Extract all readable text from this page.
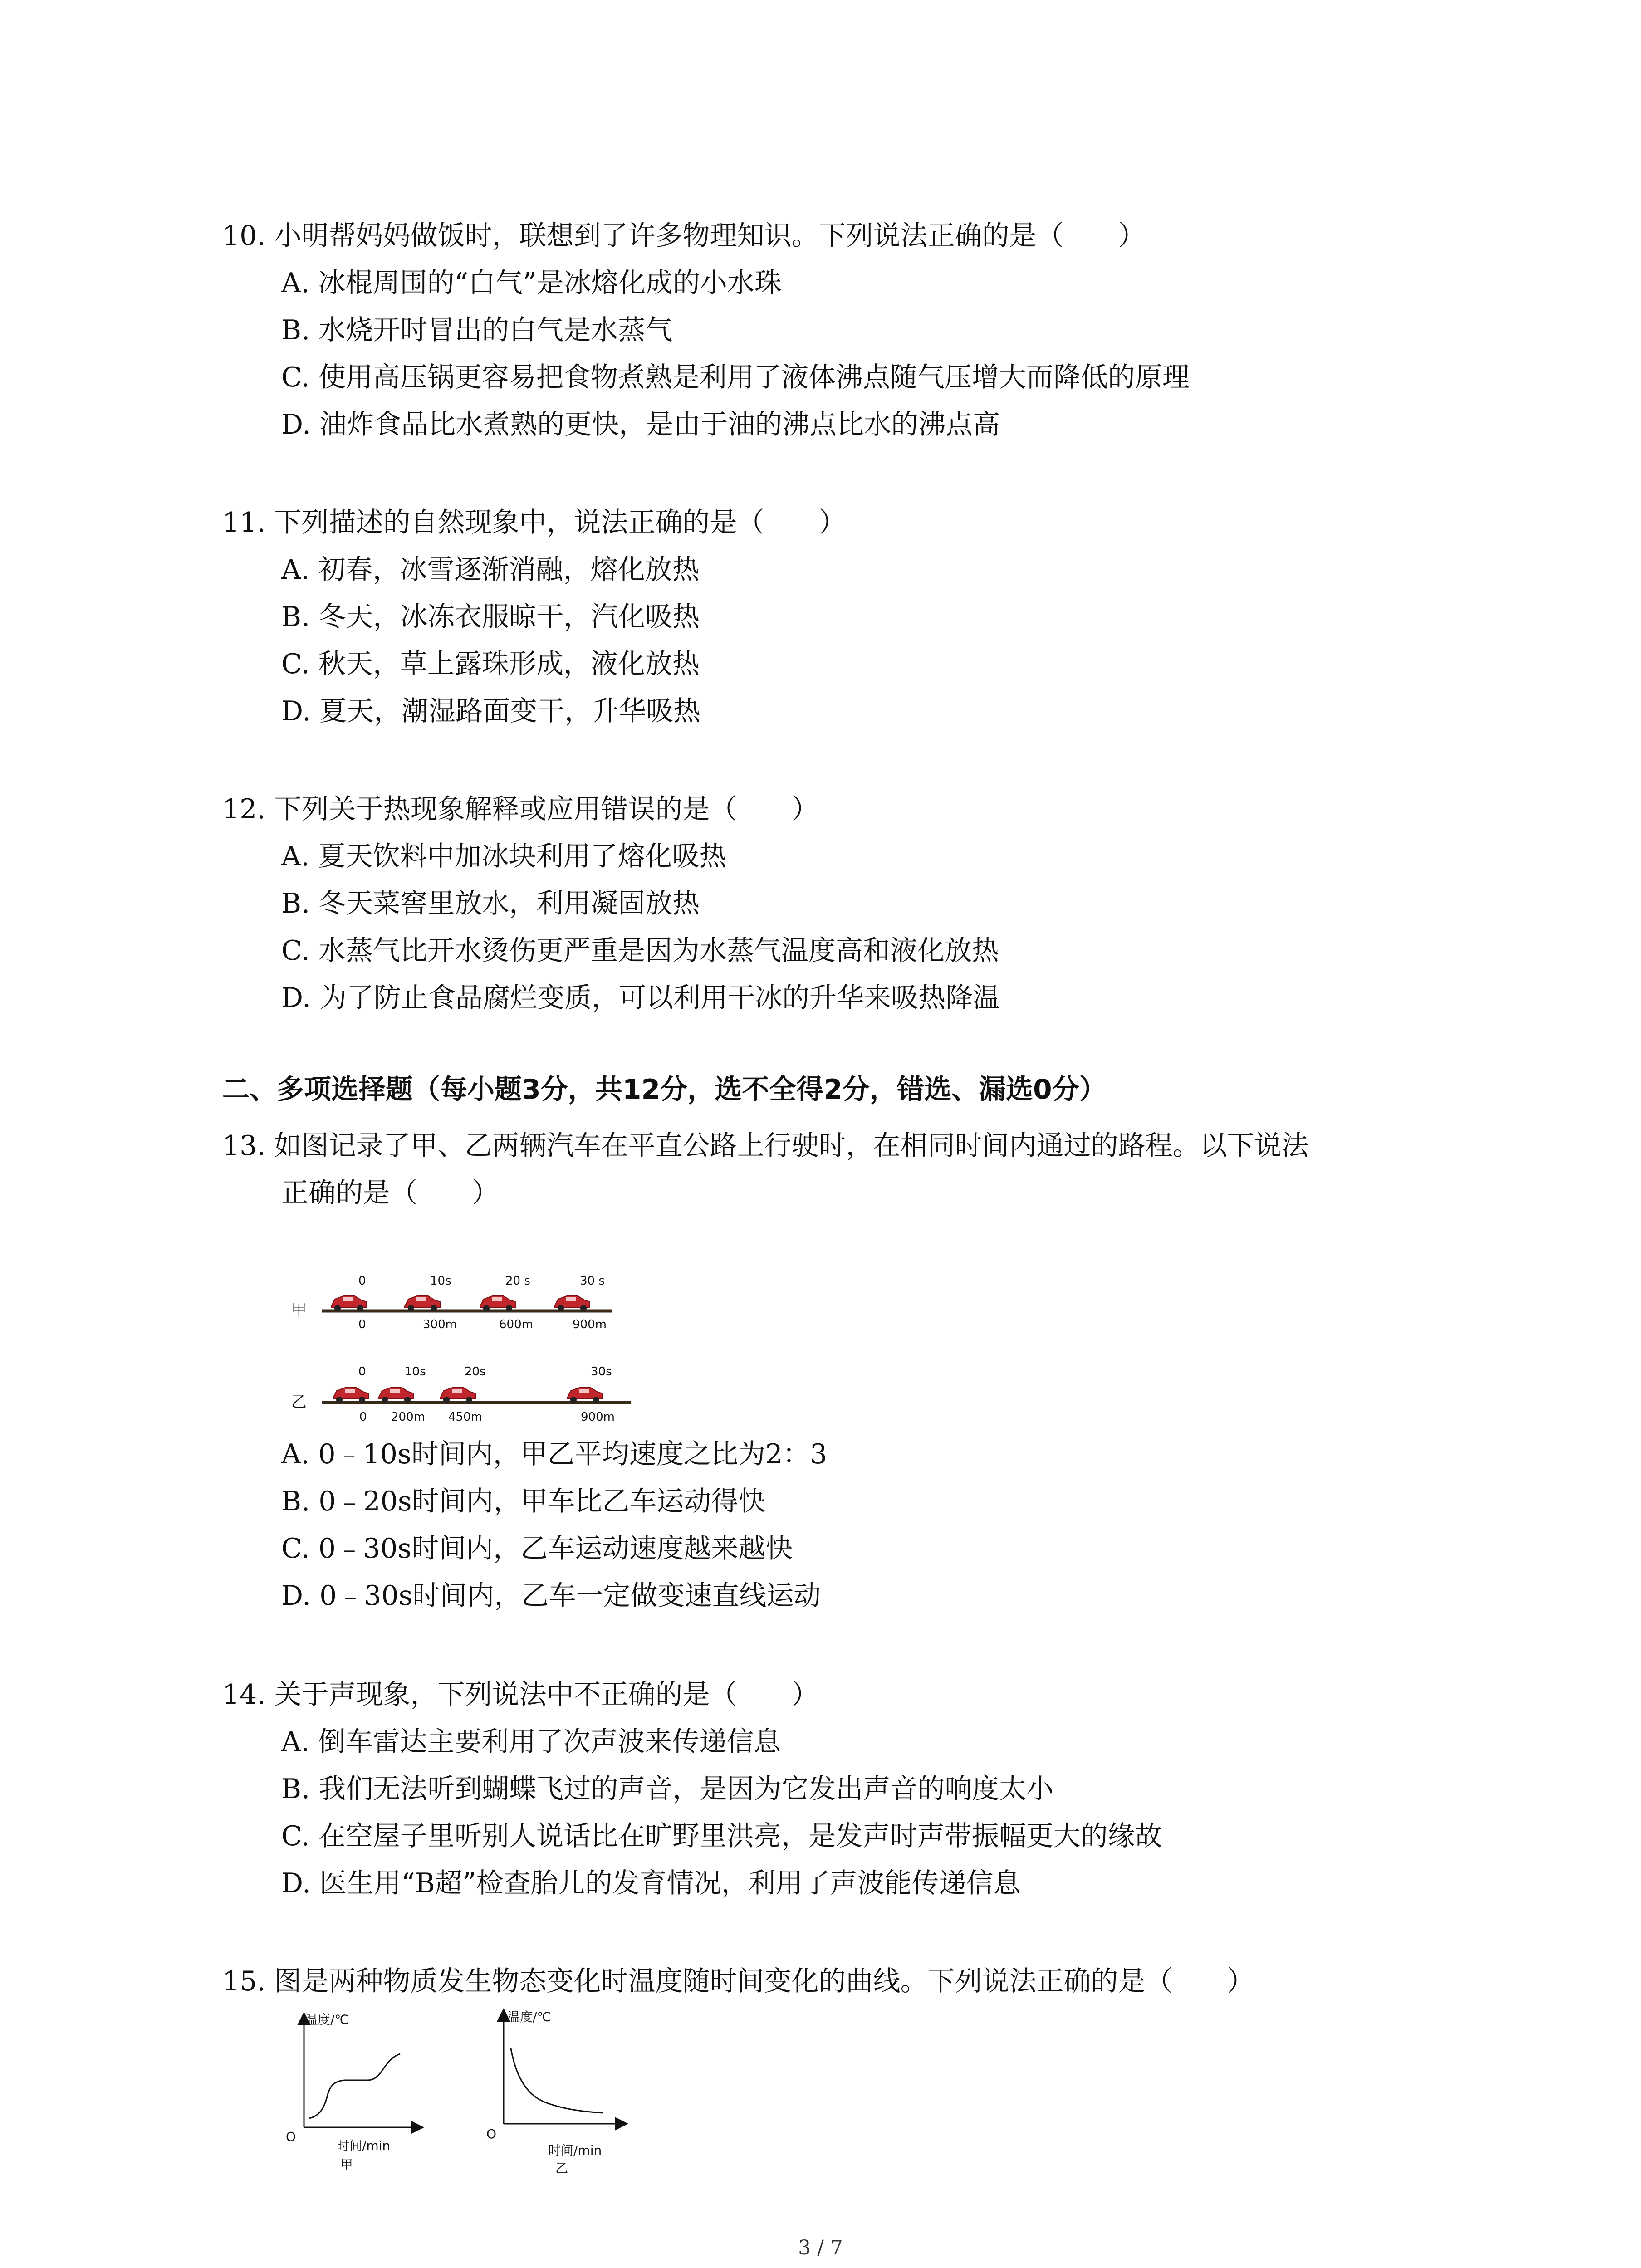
10. 小明帮妈妈做饭时，联想到了许多物理知识。下列说法正确的是（　　）
A. 冰棍周围的“白气”是冰熔化成的小水珠
B. 水烧开时冒出的白气是水蒸气
C. 使用高压锅更容易把食物煮熟是利用了液体沸点随气压增大而降低的原理
D. 油炸食品比水煮熟的更快，是由于油的沸点比水的沸点高
11. 下列描述的自然现象中，说法正确的是（　　）
A. 初春，冰雪逐渐消融，熔化放热
B. 冬天，冰冻衣服晾干，汽化吸热
C. 秋天，草上露珠形成，液化放热
D. 夏天，潮湿路面变干，升华吸热
12. 下列关于热现象解释或应用错误的是（　　）
A. 夏天饮料中加冰块利用了熔化吸热
B. 冬天菜窖里放水，利用凝固放热
C. 水蒸气比开水烫伤更严重是因为水蒸气温度高和液化放热
D. 为了防止食品腐烂变质，可以利用干冰的升华来吸热降温
二、多项选择题（每小题3分，共12分，选不全得2分，错选、漏选0分）
13. 如图记录了甲、乙两辆汽车在平直公路上行驶时，在相同时间内通过的路程。以下说法
正确的是（　　）
甲
0	10s	20 s	30 s
0	300m	600m	900m
乙
0	10s	20s	30s
0 200m 450m	900m
A. 0﹣10s时间内，甲乙平均速度之比为2：3
B. 0﹣20s时间内，甲车比乙车运动得快
C. 0﹣30s时间内，乙车运动速度越来越快
D. 0﹣30s时间内，乙车一定做变速直线运动
14. 关于声现象，下列说法中不正确的是（　　）
A. 倒车雷达主要利用了次声波来传递信息
B. 我们无法听到蝴蝶飞过的声音，是因为它发出声音的响度太小
C. 在空屋子里听别人说话比在旷野里洪亮，是发声时声带振幅更大的缘故
D. 医生用“B超”检查胎儿的发育情况，利用了声波能传递信息
15. 图是两种物质发生物态变化时温度随时间变化的曲线。下列说法正确的是（　　）
温度/℃
O
时间/min
甲
温度/℃
O
时间/min
乙
3 / 7
